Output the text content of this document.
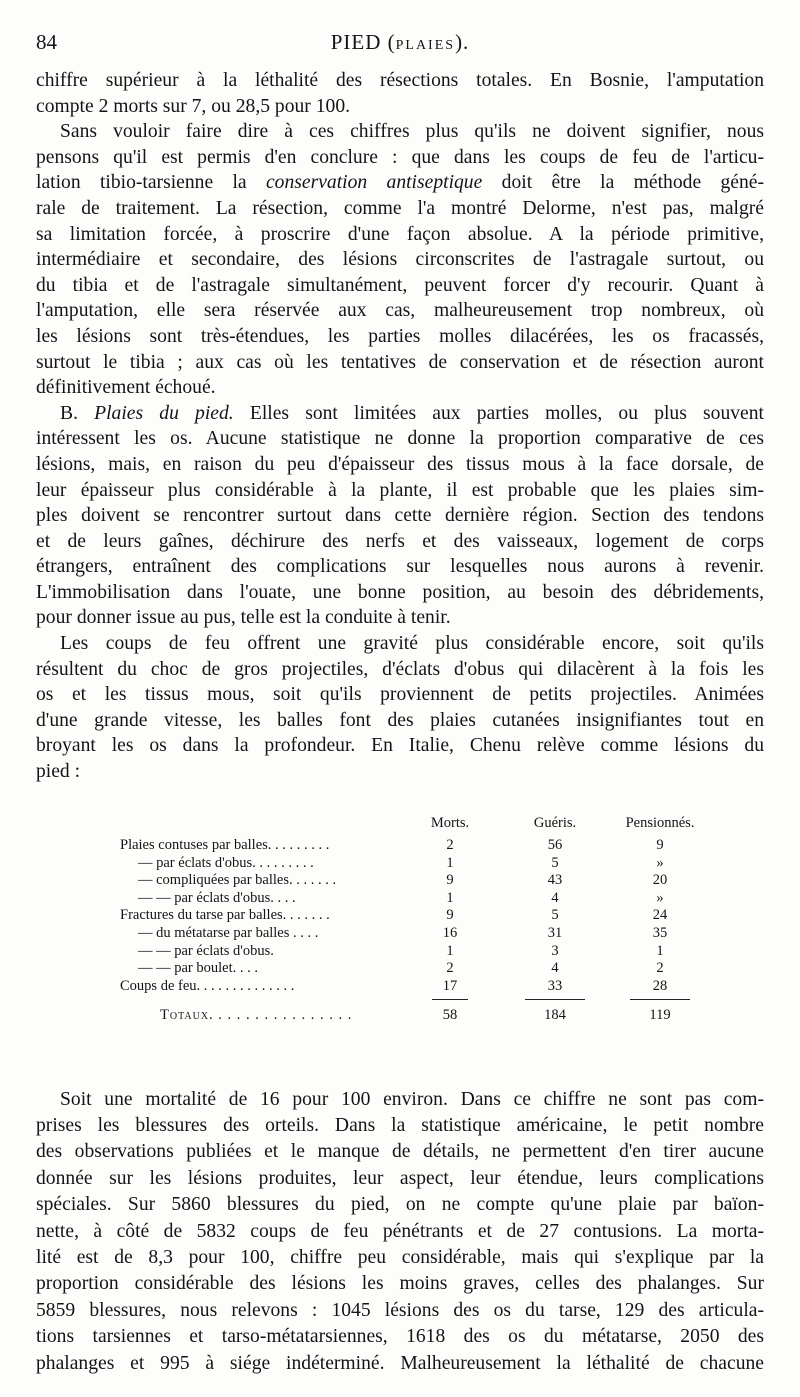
84	PIED (PLAIES).

chiffre supérieur à la léthalité des résections totales. En Bosnie, l'amputation
compte 2 morts sur 7, ou 28,5 pour 100.

Sans vouloir faire dire à ces chiffres plus qu'ils ne doivent signifier, nous
pensons qu'il est permis d'en conclure : que dans les coups de feu de l'articu-
lation tibio-tarsienne la conservation antiseptique doit être la méthode géné-
rale de traitement. La résection, comme l'a montré Delorme, n'est pas, malgré
sa limitation forcée, à proscrire d'une façon absolue. A la période primitive,
intermédiaire et secondaire, des lésions circonscrites de l'astragale surtout, ou
du tibia et de l'astragale simultanément, peuvent forcer d'y recourir. Quant à
l'amputation, elle sera réservée aux cas, malheureusement trop nombreux, où
les lésions sont très-étendues, les parties molles dilacérées, les os fracassés,
surtout le tibia ; aux cas où les tentatives de conservation et de résection auront
définitivement échoué.

B. Plaies du pied. Elles sont limitées aux parties molles, ou plus souvent
intéressent les os. Aucune statistique ne donne la proportion comparative de ces
lésions, mais, en raison du peu d'épaisseur des tissus mous à la face dorsale, de
leur épaisseur plus considérable à la plante, il est probable que les plaies sim-
ples doivent se rencontrer surtout dans cette dernière région. Section des tendons
et de leurs gaînes, déchirure des nerfs et des vaisseaux, logement de corps
étrangers, entraînent des complications sur lesquelles nous aurons à revenir.
L'immobilisation dans l'ouate, une bonne position, au besoin des débridements,
pour donner issue au pus, telle est la conduite à tenir.

Les coups de feu offrent une gravité plus considérable encore, soit qu'ils
résultent du choc de gros projectiles, d'éclats d'obus qui dilacèrent à la fois les
os et les tissus mous, soit qu'ils proviennent de petits projectiles. Animées
d'une grande vitesse, les balles font des plaies cutanées insignifiantes tout en
broyant les os dans la profondeur. En Italie, Chenu relève comme lésions du
pied :

Morts.	Guéris.	Pensionnés.
Plaies contuses par balles. . . . . . . . .	2	56	9
— par éclats d'obus. . . . . . . . .	1	5	»
— compliquées par balles. . . . . . .	9	43	20
— — par éclats d'obus. . . .	1	4	»
Fractures du tarse par balles. . . . . . .	9	5	24
— du métatarse par balles . . . .	16	31	35
— — par éclats d'obus.	1	3	1
— — par boulet. . . .	2	4	2
Coups de feu. . . . . . . . . . . . . .	17	33	28
Totaux. . . . . . . . . . . . . . . .	58	184	119

Soit une mortalité de 16 pour 100 environ. Dans ce chiffre ne sont pas com-
prises les blessures des orteils. Dans la statistique américaine, le petit nombre
des observations publiées et le manque de détails, ne permettent d'en tirer aucune
donnée sur les lésions produites, leur aspect, leur étendue, leurs complications
spéciales. Sur 5860 blessures du pied, on ne compte qu'une plaie par baïon-
nette, à côté de 5832 coups de feu pénétrants et de 27 contusions. La morta-
lité est de 8,3 pour 100, chiffre peu considérable, mais qui s'explique par la
proportion considérable des lésions les moins graves, celles des phalanges. Sur
5859 blessures, nous relevons : 1045 lésions des os du tarse, 129 des articula-
tions tarsiennes et tarso-métatarsiennes, 1618 des os du métatarse, 2050 des
phalanges et 995 à siége indéterminé. Malheureusement la léthalité de chacune
